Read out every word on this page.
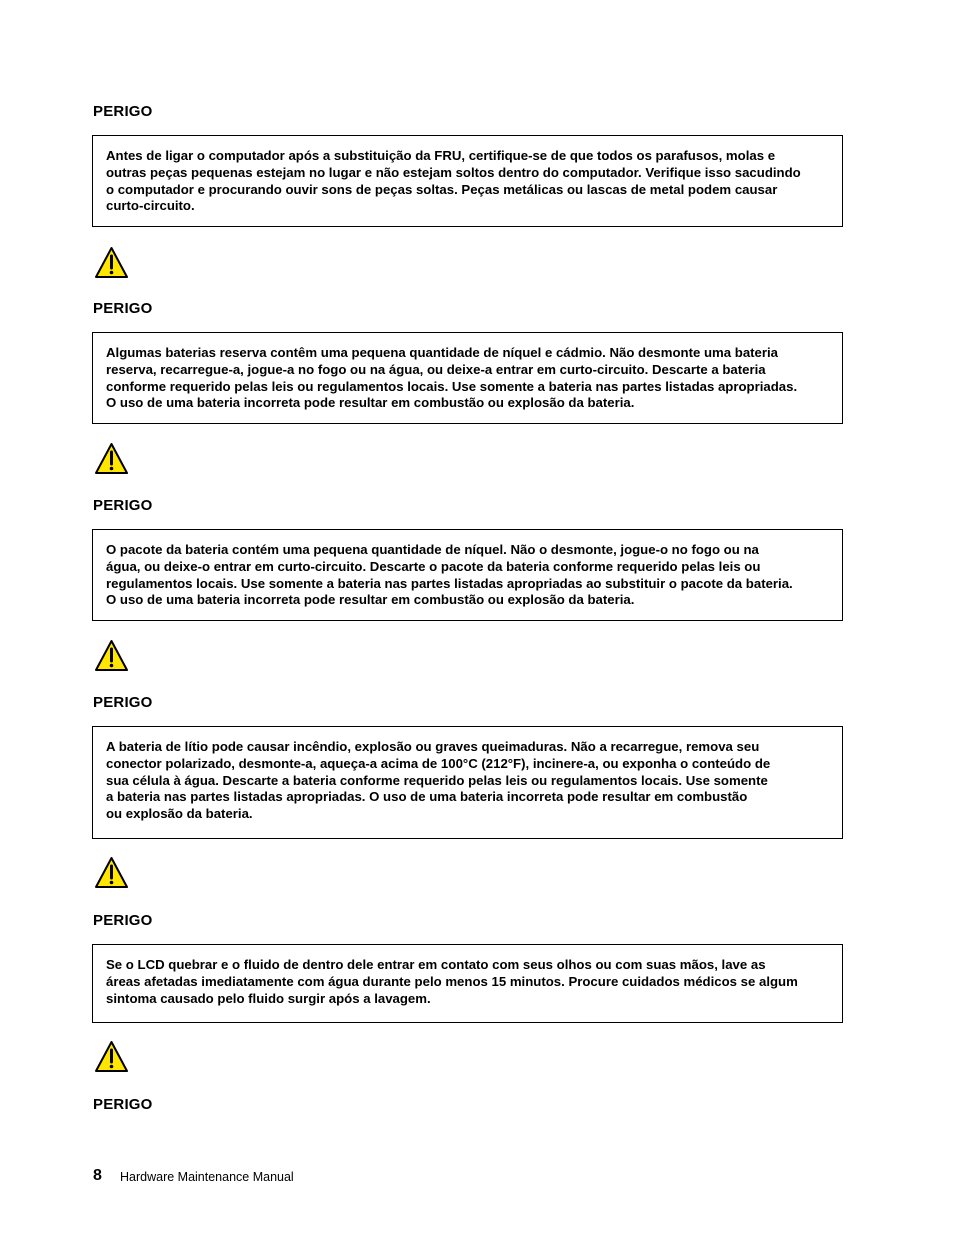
PERIGO

Antes de ligar o computador após a substituição da FRU, certifique-se de que todos os parafusos, molas e

outras peças pequenas estejam no lugar e não estejam soltos dentro do computador. Verifique isso sacudindo

o computador e procurando ouvir sons de peças soltas. Peças metálicas ou lascas de metal podem causar

curto-circuito.

PERIGO

Algumas baterias reserva contêm uma pequena quantidade de níquel e cádmio. Não desmonte uma bateria

reserva, recarregue-a, jogue-a no fogo ou na água, ou deixe-a entrar em curto-circuito. Descarte a bateria

conforme requerido pelas leis ou regulamentos locais. Use somente a bateria nas partes listadas apropriadas.

O uso de uma bateria incorreta pode resultar em combustão ou explosão da bateria.

PERIGO

O pacote da bateria contém uma pequena quantidade de níquel. Não o desmonte, jogue-o no fogo ou na

água, ou deixe-o entrar em curto-circuito. Descarte o pacote da bateria conforme requerido pelas leis ou

regulamentos locais. Use somente a bateria nas partes listadas apropriadas ao substituir o pacote da bateria.

O uso de uma bateria incorreta pode resultar em combustão ou explosão da bateria.

PERIGO

A bateria de lítio pode causar incêndio, explosão ou graves queimaduras. Não a recarregue, remova seu

conector polarizado, desmonte-a, aqueça-a acima de 100°C (212°F), incinere-a, ou exponha o conteúdo de

sua célula à água. Descarte a bateria conforme requerido pelas leis ou regulamentos locais. Use somente

a bateria nas partes listadas apropriadas. O uso de uma bateria incorreta pode resultar em combustão

ou explosão da bateria.

PERIGO

Se o LCD quebrar e o fluido de dentro dele entrar em contato com seus olhos ou com suas mãos, lave as

áreas afetadas imediatamente com água durante pelo menos 15 minutos. Procure cuidados médicos se algum

sintoma causado pelo fluido surgir após a lavagem.

PERIGO
8 Hardware Maintenance Manual
